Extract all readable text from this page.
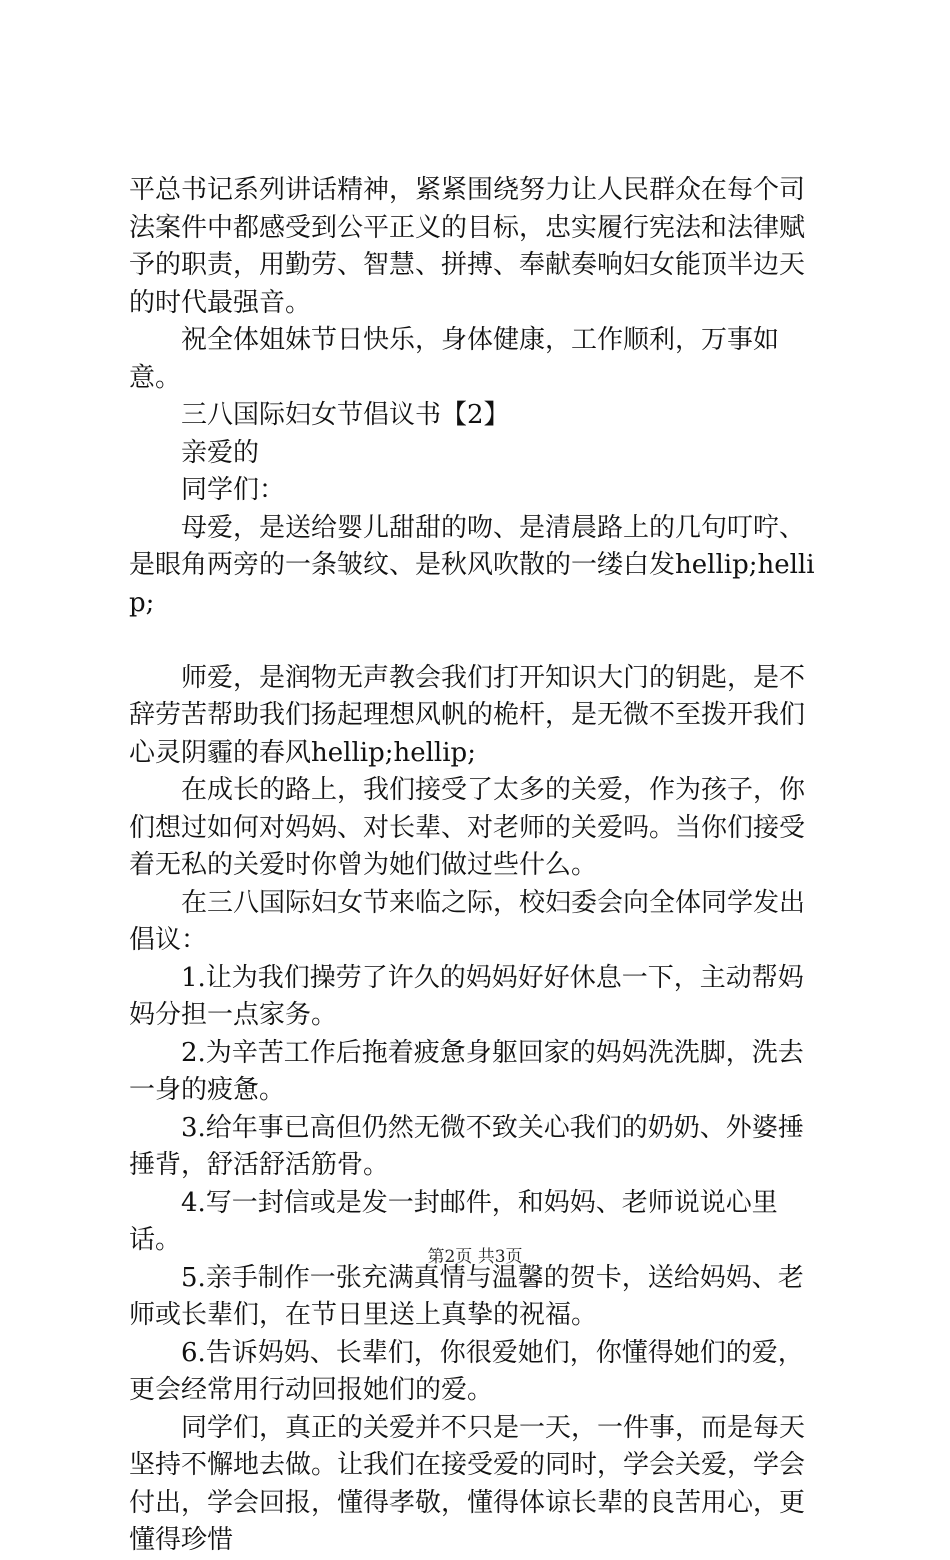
平总书记系列讲话精神，紧紧围绕努力让人民群众在每个司法案件中都感受到公平正义的目标，忠实履行宪法和法律赋予的职责，用勤劳、智慧、拼搏、奉献奏响妇女能顶半边天的时代最强音。

祝全体姐妹节日快乐，身体健康，工作顺利，万事如意。

三八国际妇女节倡议书【2】

亲爱的

同学们：

母爱，是送给婴儿甜甜的吻、是清晨路上的几句叮咛、是眼角两旁的一条皱纹、是秋风吹散的一缕白发hellip;hellip;

师爱，是润物无声教会我们打开知识大门的钥匙，是不辞劳苦帮助我们扬起理想风帆的桅杆，是无微不至拨开我们心灵阴霾的春风hellip;hellip;

在成长的路上，我们接受了太多的关爱，作为孩子，你们想过如何对妈妈、对长辈、对老师的关爱吗。当你们接受着无私的关爱时你曾为她们做过些什么。

在三八国际妇女节来临之际，校妇委会向全体同学发出倡议：

1.让为我们操劳了许久的妈妈好好休息一下，主动帮妈妈分担一点家务。

2.为辛苦工作后拖着疲惫身躯回家的妈妈洗洗脚，洗去一身的疲惫。

3.给年事已高但仍然无微不致关心我们的奶奶、外婆捶捶背，舒活舒活筋骨。

4.写一封信或是发一封邮件，和妈妈、老师说说心里话。

5.亲手制作一张充满真情与温馨的贺卡，送给妈妈、老师或长辈们，在节日里送上真挚的祝福。

6.告诉妈妈、长辈们，你很爱她们，你懂得她们的爱，更会经常用行动回报她们的爱。

同学们，真正的关爱并不只是一天，一件事，而是每天坚持不懈地去做。让我们在接受爱的同时，学会关爱，学会付出，学会回报，懂得孝敬，懂得体谅长辈的良苦用心，更懂得珍惜

第2页 共3页
